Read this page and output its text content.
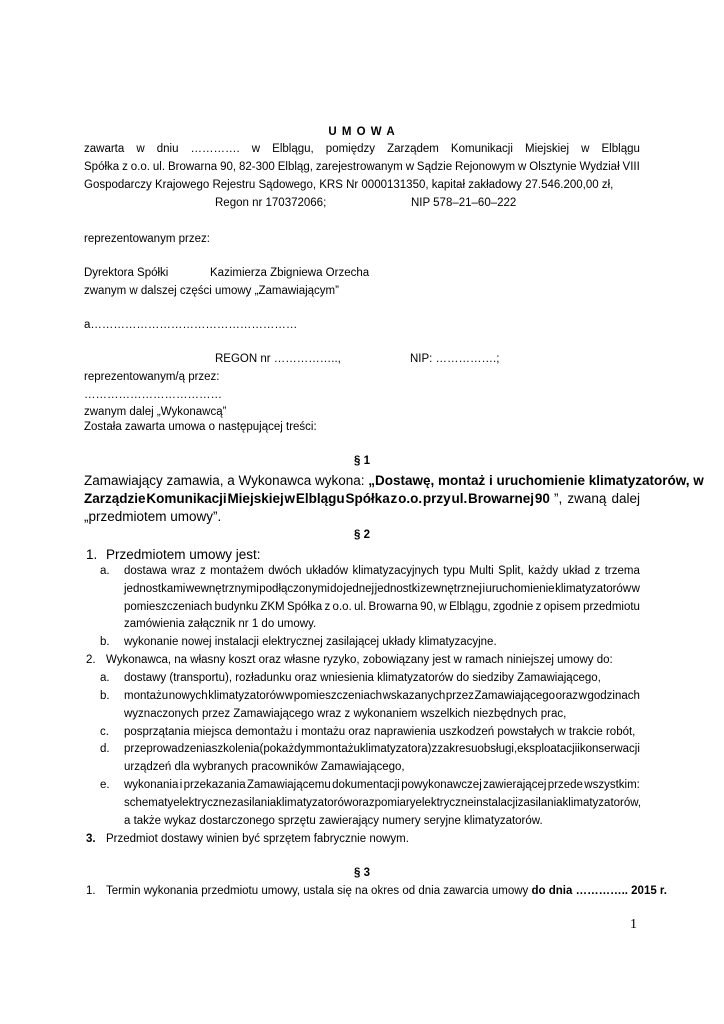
U M O W A
zawarta w dniu …………. w Elblągu, pomiędzy Zarządem Komunikacji Miejskiej w Elblągu
Spółka z o.o. ul. Browarna 90, 82-300 Elbląg, zarejestrowanym w Sądzie Rejonowym w Olsztynie Wydział VIII
Gospodarczy Krajowego Rejestru Sądowego, KRS Nr 0000131350, kapitał zakładowy 27.546.200,00 zł,
Regon nr 170372066;	NIP 578–21–60–222
reprezentowanym przez:
Dyrektora Spółki	Kazimierza Zbigniewa Orzecha
zwanym w dalszej części umowy „Zamawiającym”
a………………………………………………
REGON nr ……………..,	NIP: …………….;
reprezentowanym/ą przez:
………………………………
zwanym dalej „Wykonawcą”
Została zawarta umowa o następującej treści:
§ 1
Zamawiający zamawia, a Wykonawca wykona: „Dostawę, montaż i uruchomienie klimatyzatorów, w
Zarządzie Komunikacji Miejskiej w Elblągu Spółka z o.o. przy ul. Browarnej 90 ”, zwaną dalej
„przedmiotem umowy”.
§ 2
1. Przedmiotem umowy jest:
a. dostawa wraz z montażem dwóch układów klimatyzacyjnych typu Multi Split, każdy układ z trzema
jednostkami wewnętrznymi podłączonymi do jednej jednostki zewnętrznej i uruchomienie klimatyzatorów w
pomieszczeniach budynku ZKM Spółka z o.o. ul. Browarna 90, w Elblągu, zgodnie z opisem przedmiotu
zamówienia załącznik nr 1 do umowy.
b. wykonanie nowej instalacji elektrycznej zasilającej układy klimatyzacyjne.
2. Wykonawca, na własny koszt oraz własne ryzyko, zobowiązany jest w ramach niniejszej umowy do:
a. dostawy (transportu), rozładunku oraz wniesienia klimatyzatorów do siedziby Zamawiającego,
b. montażu nowych klimatyzatorów w pomieszczeniach wskazanych przez Zamawiającego oraz w godzinach
wyznaczonych przez Zamawiającego wraz z wykonaniem wszelkich niezbędnych prac,
c. posprzątania miejsca demontażu i montażu oraz naprawienia uszkodzeń powstałych w trakcie robót,
d. przeprowadzenia szkolenia (po każdym montażu klimatyzatora) z zakresu obsługi, eksploatacji i konserwacji
urządzeń dla wybranych pracowników Zamawiającego,
e. wykonania i przekazania Zamawiającemu dokumentacji powykonawczej zawierającej przede wszystkim:
schematy elektryczne zasilania klimatyzatorów oraz pomiary elektryczne instalacji zasilania klimatyzatorów,
a także wykaz dostarczonego sprzętu zawierający numery seryjne klimatyzatorów.
3. Przedmiot dostawy winien być sprzętem fabrycznie nowym.
§ 3
1. Termin wykonania przedmiotu umowy, ustala się na okres od dnia zawarcia umowy do dnia ………….. 2015 r.
1
